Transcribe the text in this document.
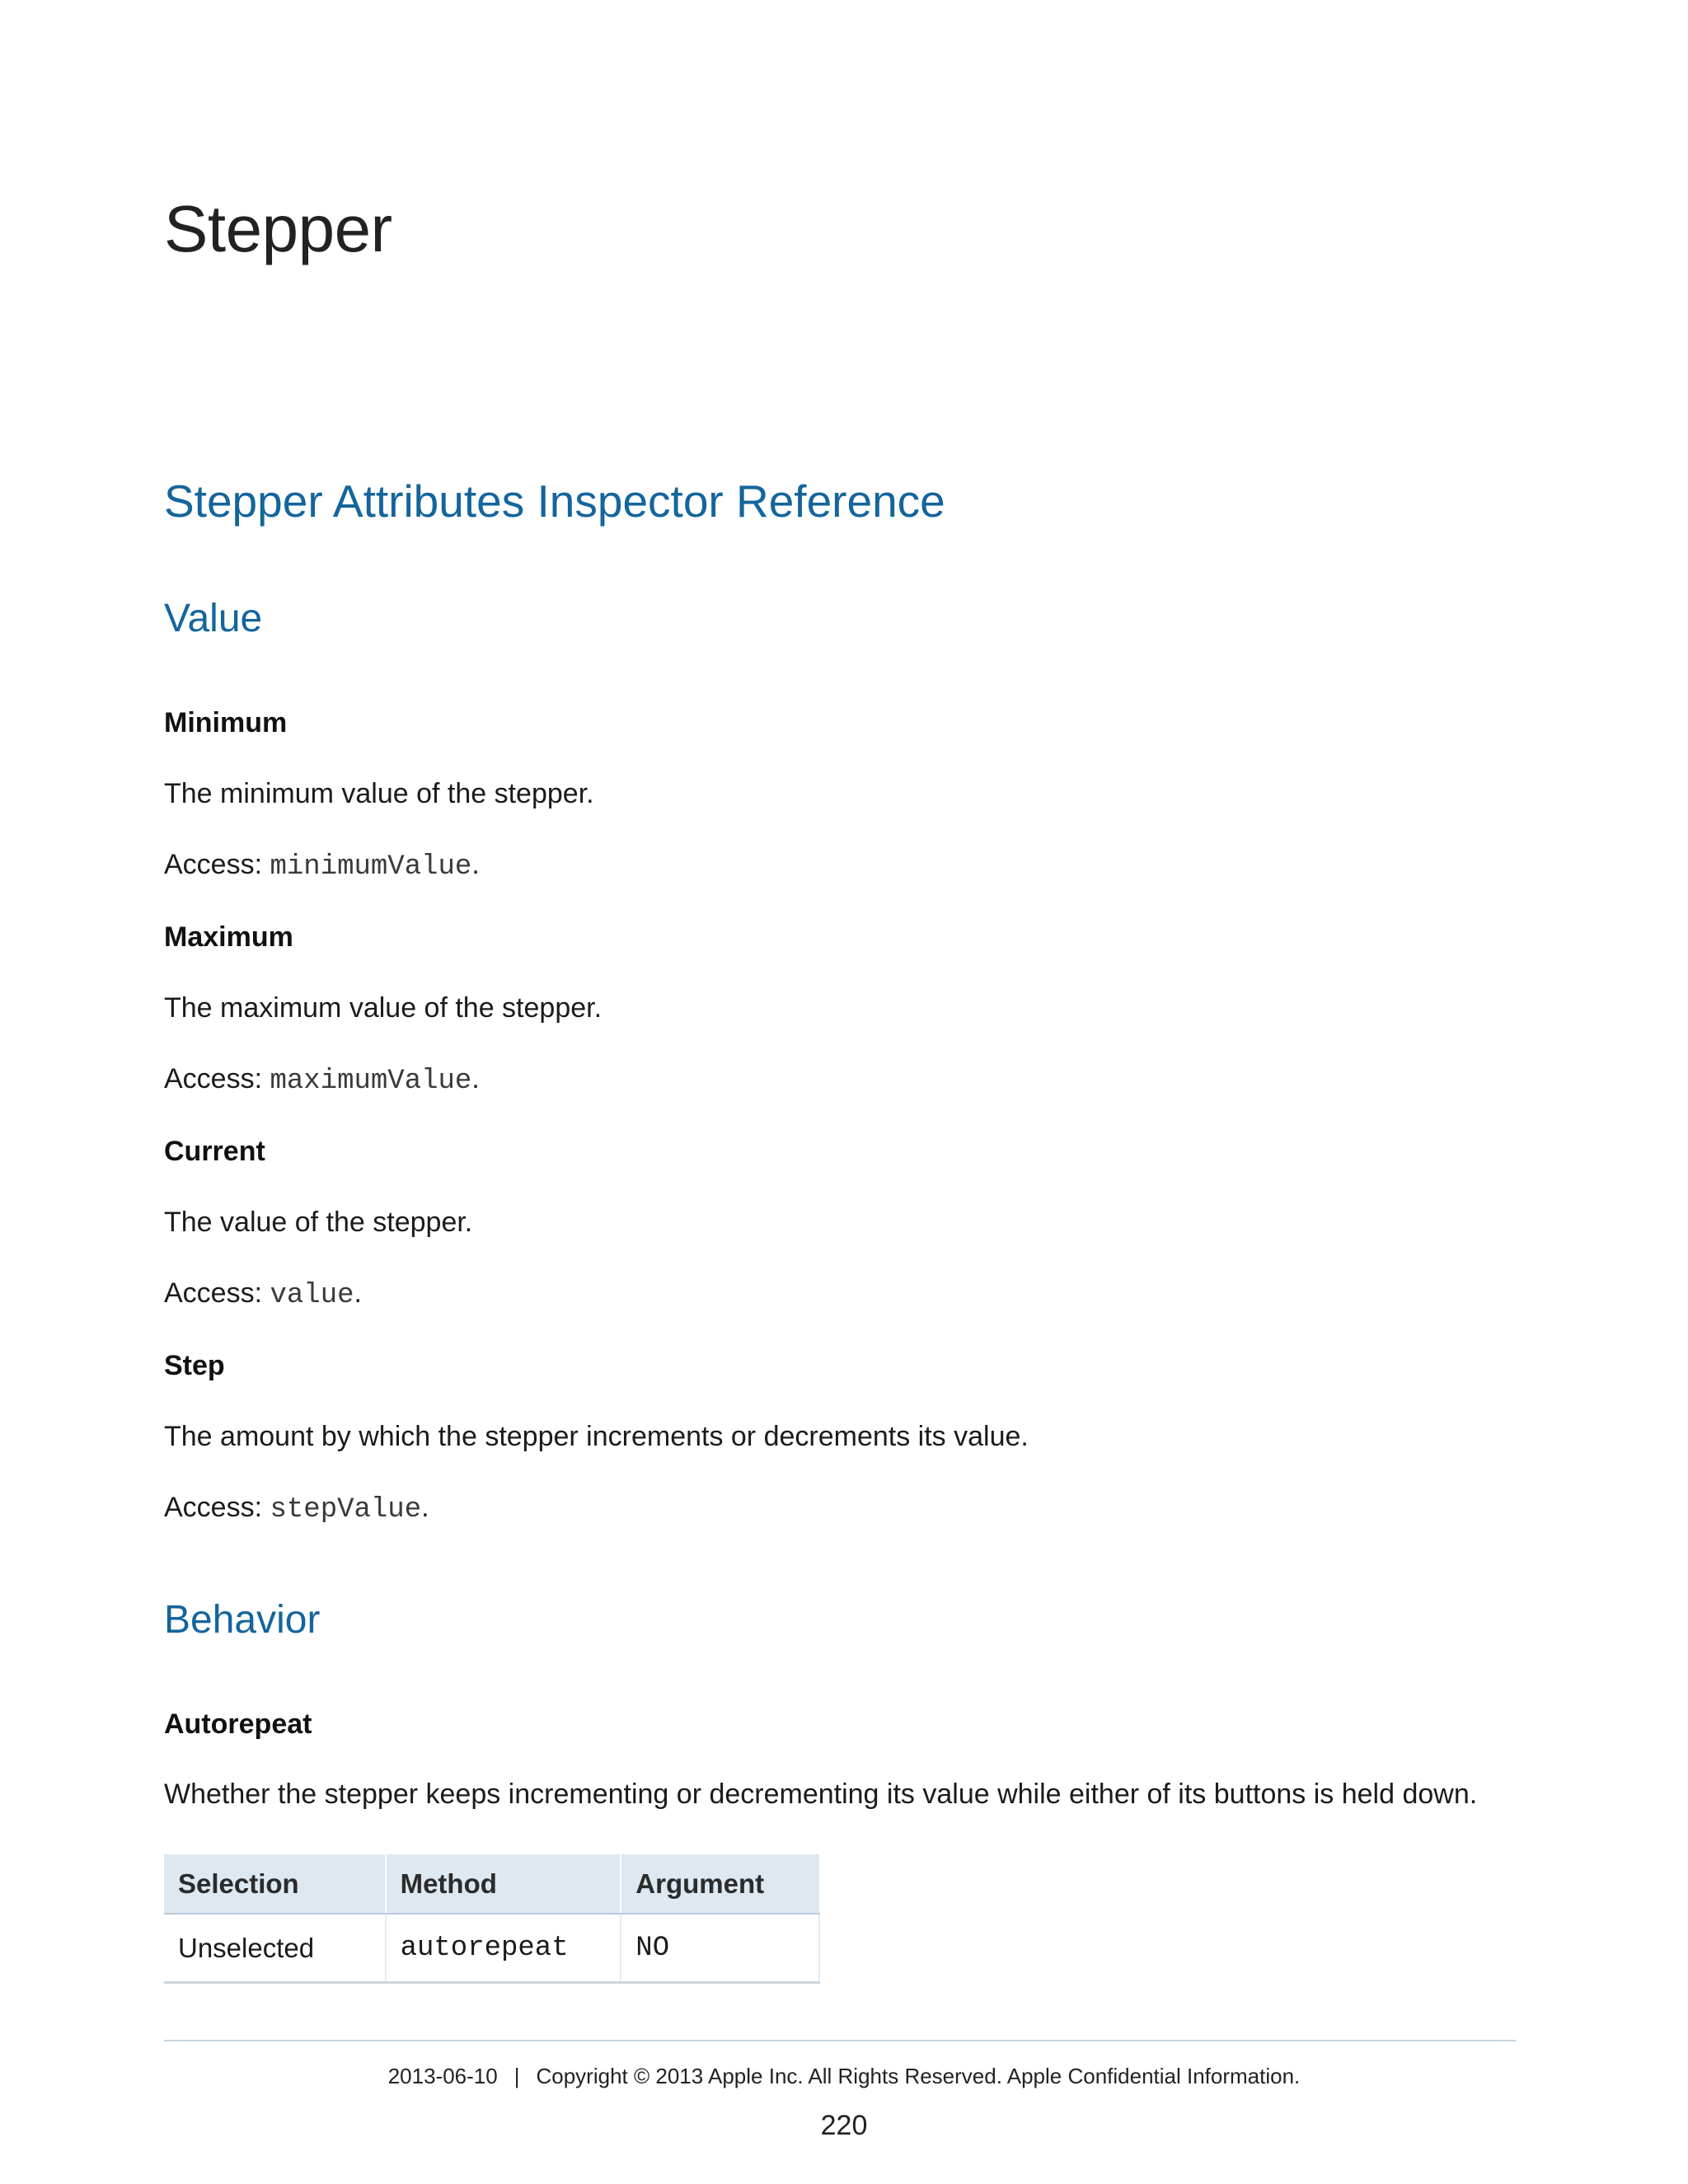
Stepper
Stepper Attributes Inspector Reference
Value
Minimum
The minimum value of the stepper.
Access: minimumValue.
Maximum
The maximum value of the stepper.
Access: maximumValue.
Current
The value of the stepper.
Access: value.
Step
The amount by which the stepper increments or decrements its value.
Access: stepValue.
Behavior
Autorepeat
Whether the stepper keeps incrementing or decrementing its value while either of its buttons is held down.
Selection	Method	Argument
Unselected	autorepeat	NO
2013-06-10 | Copyright © 2013 Apple Inc. All Rights Reserved. Apple Confidential Information.
220
